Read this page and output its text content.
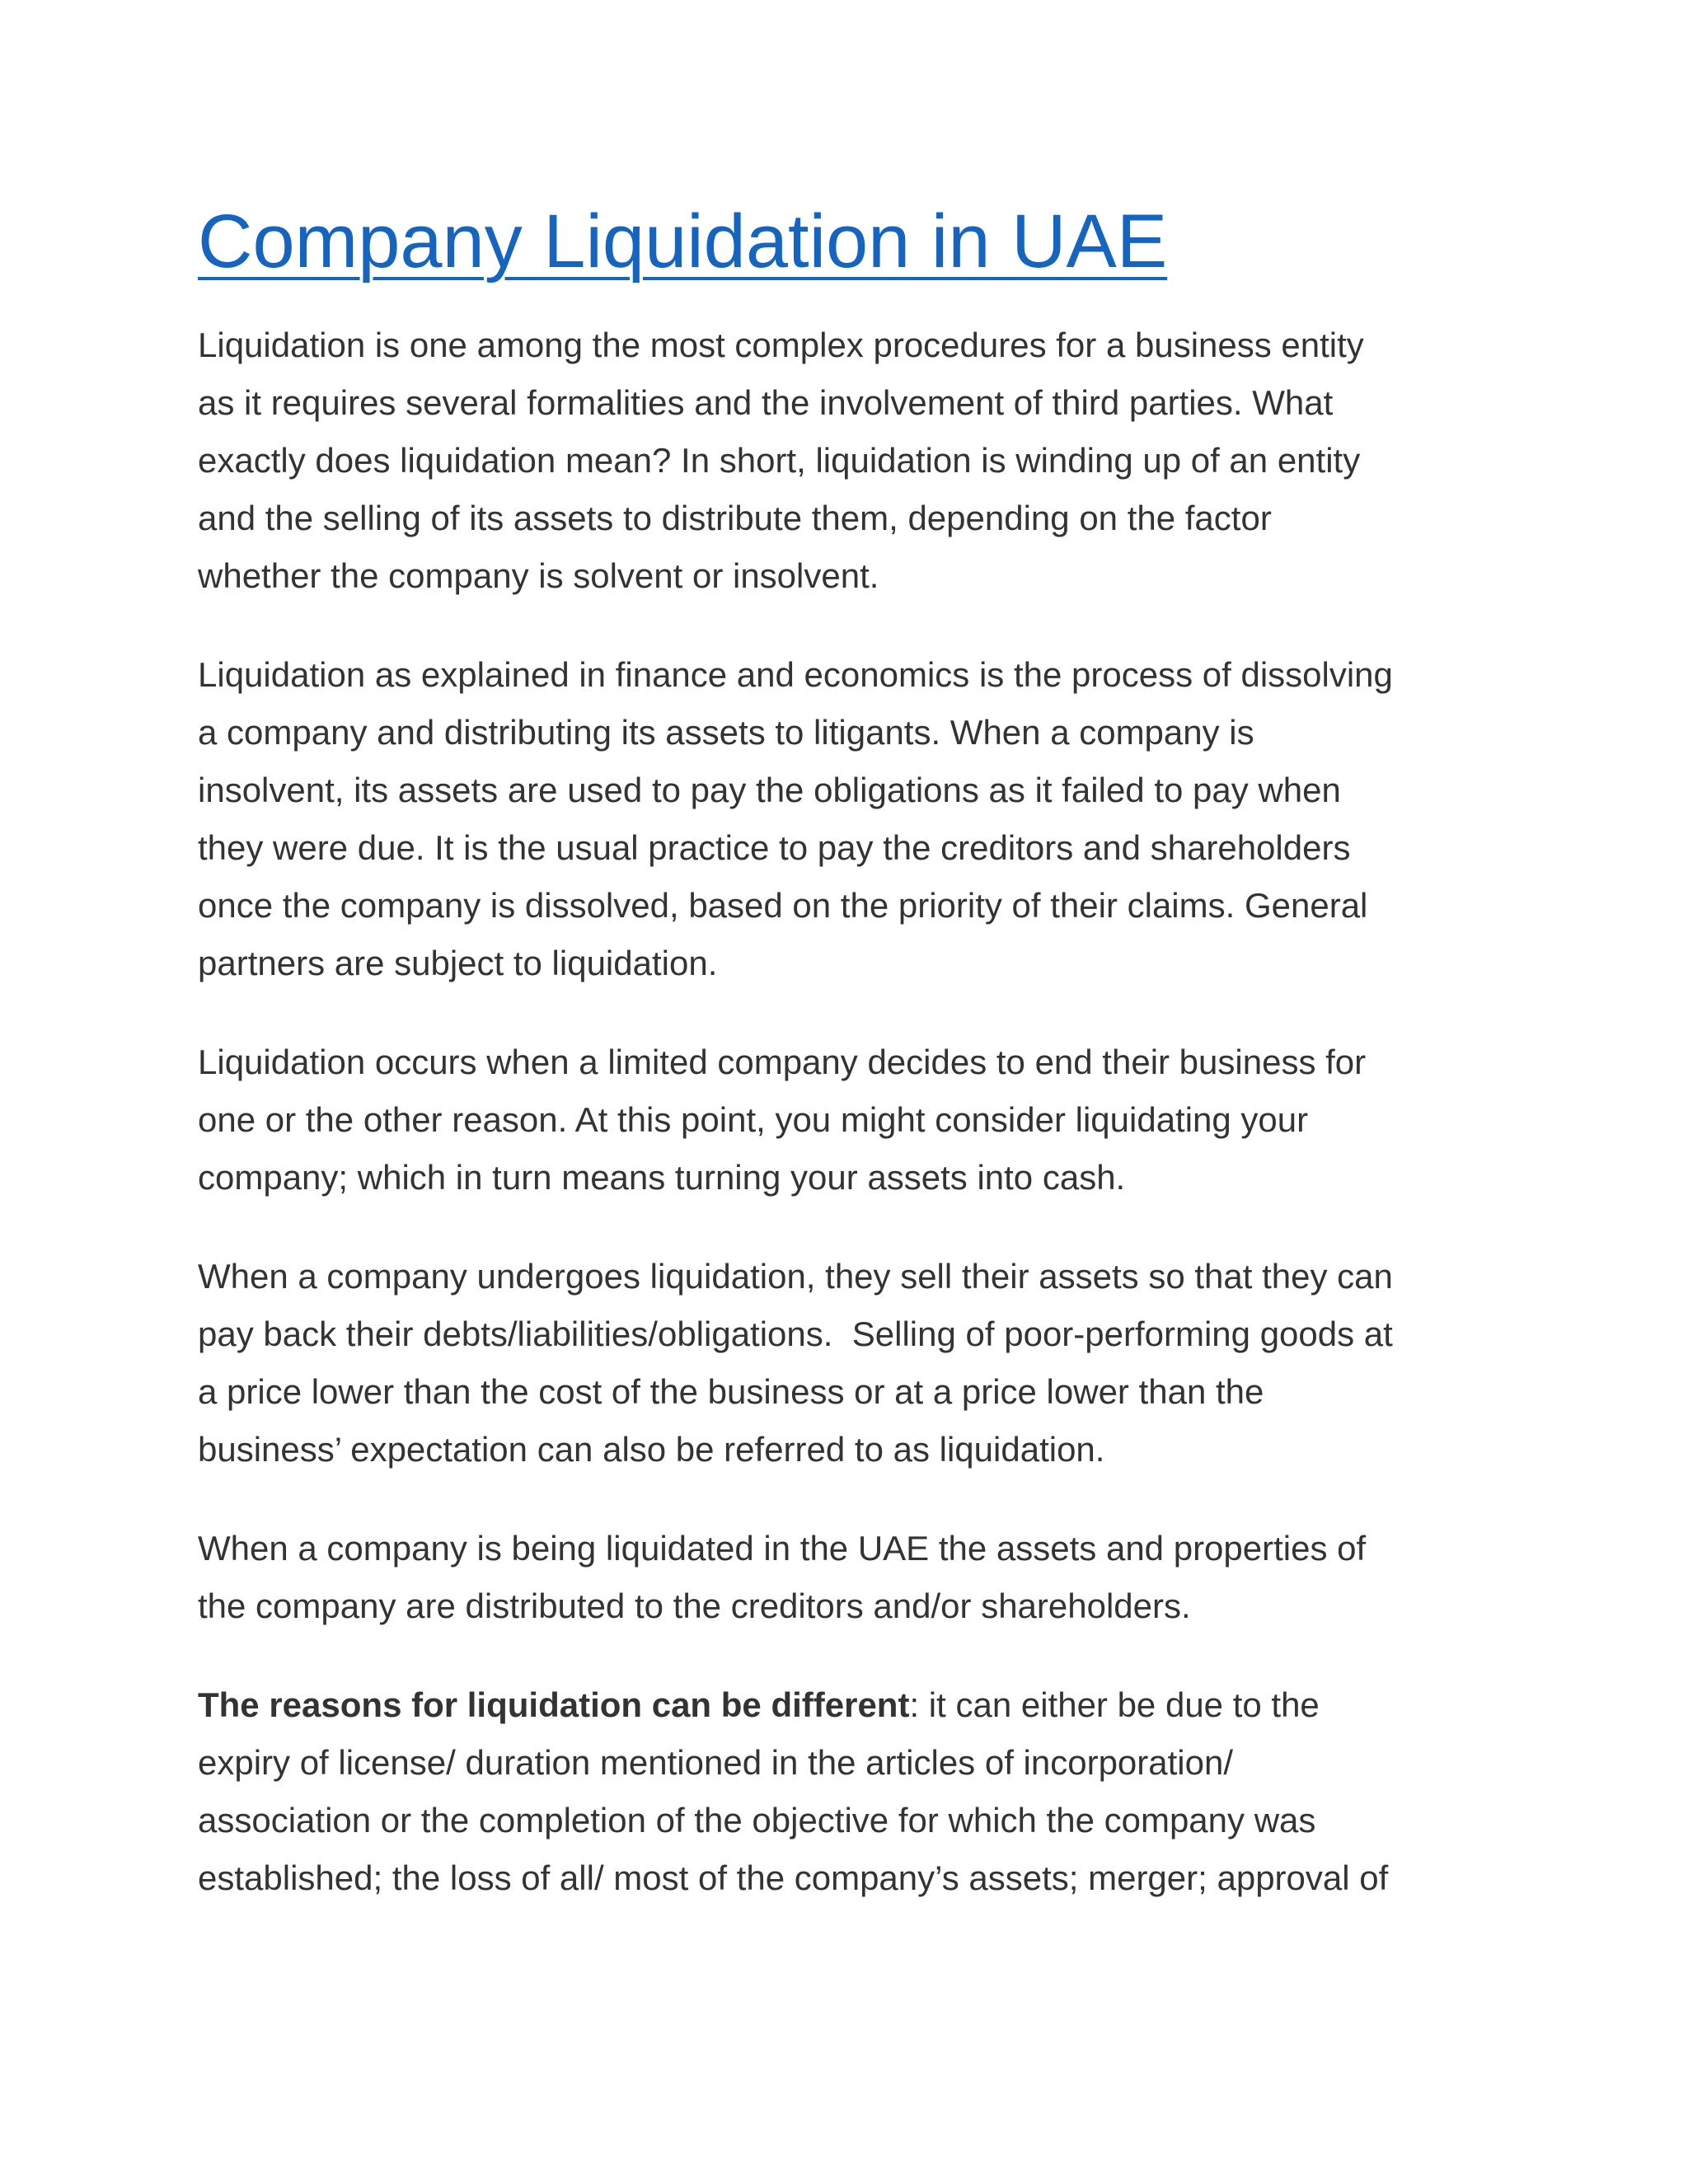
Company Liquidation in UAE

Liquidation is one among the most complex procedures for a business entity
as it requires several formalities and the involvement of third parties. What
exactly does liquidation mean? In short, liquidation is winding up of an entity
and the selling of its assets to distribute them, depending on the factor
whether the company is solvent or insolvent.

Liquidation as explained in finance and economics is the process of dissolving
a company and distributing its assets to litigants. When a company is
insolvent, its assets are used to pay the obligations as it failed to pay when
they were due. It is the usual practice to pay the creditors and shareholders
once the company is dissolved, based on the priority of their claims. General
partners are subject to liquidation.

Liquidation occurs when a limited company decides to end their business for
one or the other reason. At this point, you might consider liquidating your
company; which in turn means turning your assets into cash.

When a company undergoes liquidation, they sell their assets so that they can
pay back their debts/liabilities/obligations.  Selling of poor-performing goods at
a price lower than the cost of the business or at a price lower than the
business’ expectation can also be referred to as liquidation.

When a company is being liquidated in the UAE the assets and properties of
the company are distributed to the creditors and/or shareholders.

The reasons for liquidation can be different: it can either be due to the
expiry of license/ duration mentioned in the articles of incorporation/
association or the completion of the objective for which the company was
established; the loss of all/ most of the company’s assets; merger; approval of
